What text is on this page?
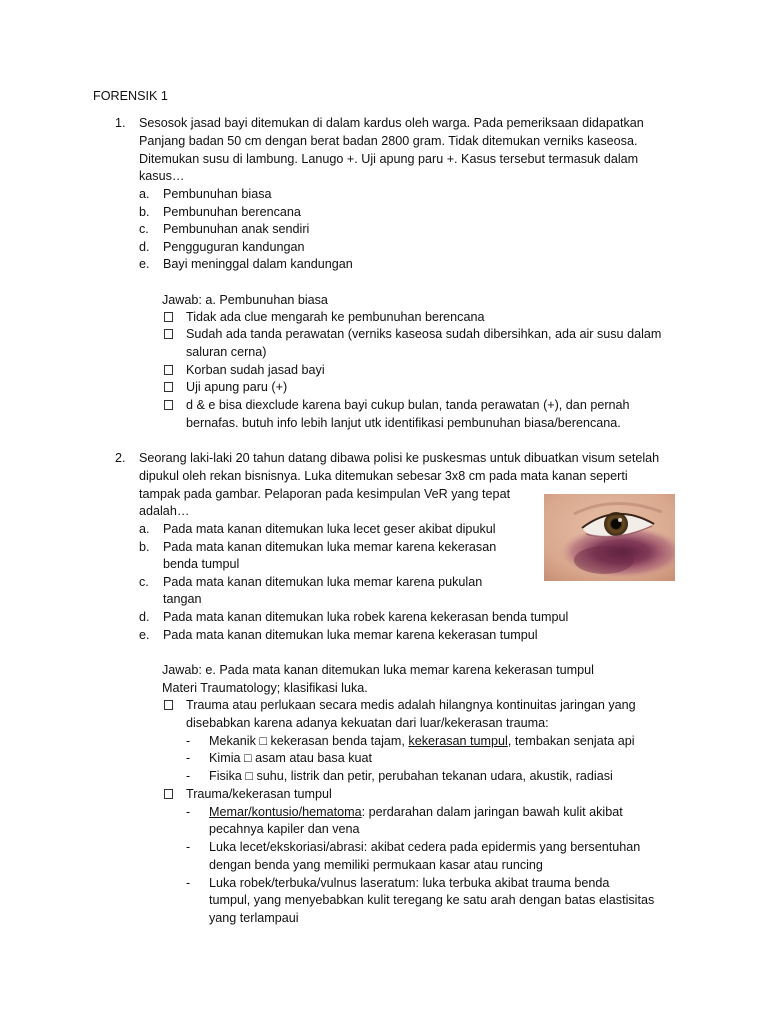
FORENSIK 1
1. Sesosok jasad bayi ditemukan di dalam kardus oleh warga. Pada pemeriksaan didapatkan
Panjang badan 50 cm dengan berat badan 2800 gram. Tidak ditemukan verniks kaseosa.
Ditemukan susu di lambung. Lanugo +. Uji apung paru +. Kasus tersebut termasuk dalam
kasus…
a. Pembunuhan biasa
b. Pembunuhan berencana
c. Pembunuhan anak sendiri
d. Pengguguran kandungan
e. Bayi meninggal dalam kandungan
Jawab: a. Pembunuhan biasa
Tidak ada clue mengarah ke pembunuhan berencana
Sudah ada tanda perawatan (verniks kaseosa sudah dibersihkan, ada air susu dalam
saluran cerna)
Korban sudah jasad bayi
Uji apung paru (+)
d & e bisa diexclude karena bayi cukup bulan, tanda perawatan (+), dan pernah
bernafas. butuh info lebih lanjut utk identifikasi pembunuhan biasa/berencana.
2. Seorang laki-laki 20 tahun datang dibawa polisi ke puskesmas untuk dibuatkan visum setelah
dipukul oleh rekan bisnisnya. Luka ditemukan sebesar 3x8 cm pada mata kanan seperti
tampak pada gambar. Pelaporan pada kesimpulan VeR yang tepat
adalah…
a. Pada mata kanan ditemukan luka lecet geser akibat dipukul
b. Pada mata kanan ditemukan luka memar karena kekerasan
benda tumpul
c. Pada mata kanan ditemukan luka memar karena pukulan
tangan
d. Pada mata kanan ditemukan luka robek karena kekerasan benda tumpul
e. Pada mata kanan ditemukan luka memar karena kekerasan tumpul
Jawab: e. Pada mata kanan ditemukan luka memar karena kekerasan tumpul
Materi Traumatology; klasifikasi luka.
Trauma atau perlukaan secara medis adalah hilangnya kontinuitas jaringan yang
disebabkan karena adanya kekuatan dari luar/kekerasan trauma:
- Mekanik □ kekerasan benda tajam, kekerasan tumpul, tembakan senjata api
- Kimia □ asam atau basa kuat
- Fisika □ suhu, listrik dan petir, perubahan tekanan udara, akustik, radiasi
Trauma/kekerasan tumpul
- Memar/kontusio/hematoma: perdarahan dalam jaringan bawah kulit akibat
pecahnya kapiler dan vena
- Luka lecet/ekskoriasi/abrasi: akibat cedera pada epidermis yang bersentuhan
dengan benda yang memiliki permukaan kasar atau runcing
- Luka robek/terbuka/vulnus laseratum: luka terbuka akibat trauma benda
tumpul, yang menyebabkan kulit teregang ke satu arah dengan batas elastisitas
yang terlampaui
